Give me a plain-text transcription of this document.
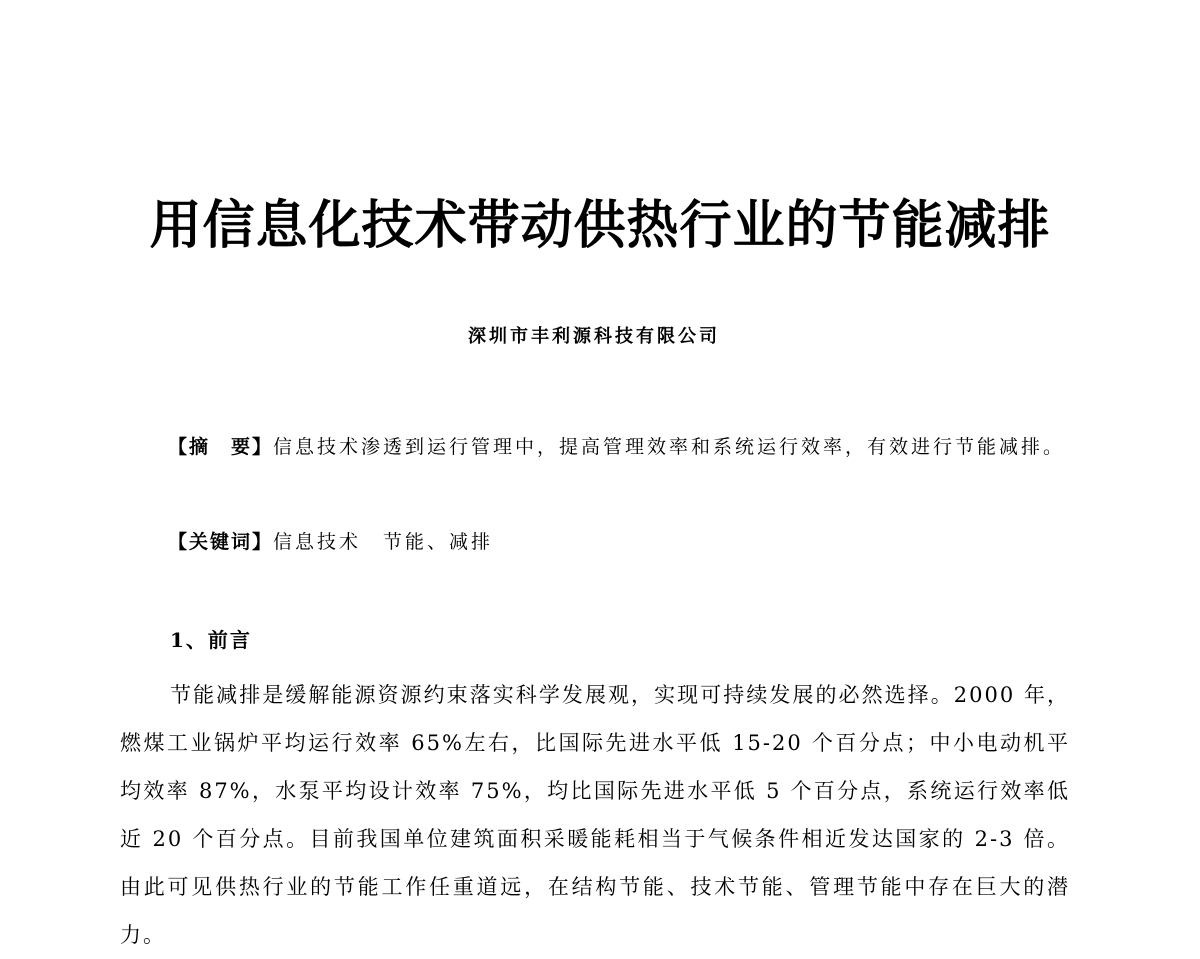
用信息化技术带动供热行业的节能减排
深圳市丰利源科技有限公司
【摘　要】信息技术渗透到运行管理中，提高管理效率和系统运行效率，有效进行节能减排。
【关键词】信息技术　节能、减排
1、前言
节能减排是缓解能源资源约束落实科学发展观，实现可持续发展的必然选择。2000 年，燃煤工业锅炉平均运行效率 65%左右，比国际先进水平低 15-20 个百分点；中小电动机平均效率 87%，水泵平均设计效率 75%，均比国际先进水平低 5 个百分点，系统运行效率低近 20 个百分点。目前我国单位建筑面积采暖能耗相当于气候条件相近发达国家的 2-3 倍。由此可见供热行业的节能工作任重道远，在结构节能、技术节能、管理节能中存在巨大的潜力。
